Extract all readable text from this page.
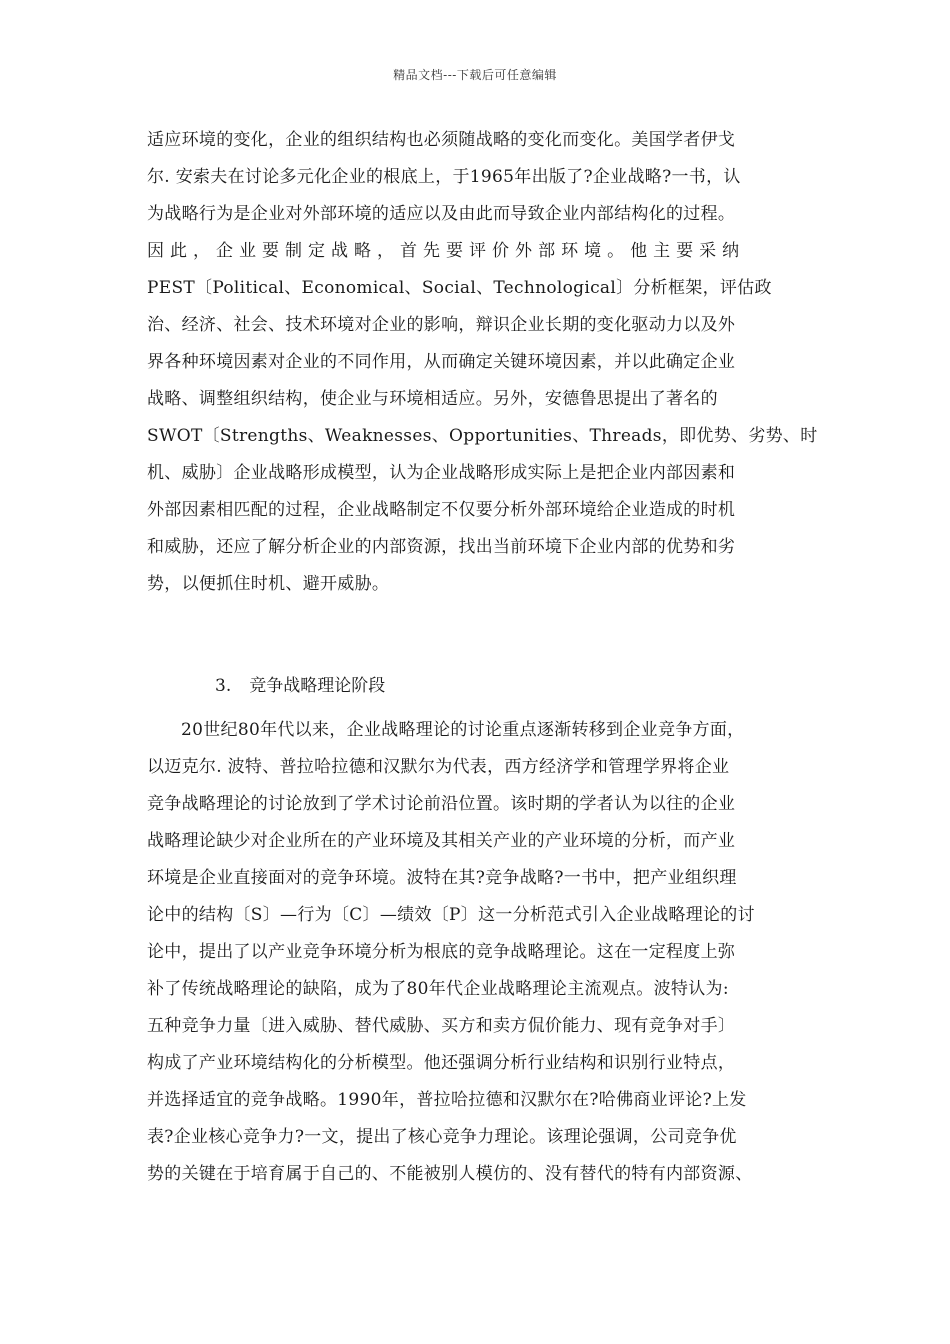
精品文档---下载后可任意编辑
适应环境的变化，企业的组织结构也必须随战略的变化而变化。美国学者伊戈
尔. 安索夫在讨论多元化企业的根底上，于1965年出版了?企业战略?一书，认
为战略行为是企业对外部环境的适应以及由此而导致企业内部结构化的过程。
因 此 ， 企 业 要 制 定 战 略 ， 首 先 要 评 价 外 部 环 境 。 他 主 要 采 纳
PEST〔Political、Economical、Social、Technological〕分析框架，评估政
治、经济、社会、技术环境对企业的影响，辩识企业长期的变化驱动力以及外
界各种环境因素对企业的不同作用，从而确定关键环境因素，并以此确定企业
战略、调整组织结构，使企业与环境相适应。另外，安德鲁思提出了著名的
SWOT〔Strengths、Weaknesses、Opportunities、Threads，即优势、劣势、时
机、威胁〕企业战略形成模型，认为企业战略形成实际上是把企业内部因素和
外部因素相匹配的过程，企业战略制定不仅要分析外部环境给企业造成的时机
和威胁，还应了解分析企业的内部资源，找出当前环境下企业内部的优势和劣
势，以便抓住时机、避开威胁。
3. 竞争战略理论阶段
20世纪80年代以来，企业战略理论的讨论重点逐渐转移到企业竞争方面，
以迈克尔. 波特、普拉哈拉德和汉默尔为代表，西方经济学和管理学界将企业
竞争战略理论的讨论放到了学术讨论前沿位置。该时期的学者认为以往的企业
战略理论缺少对企业所在的产业环境及其相关产业的产业环境的分析，而产业
环境是企业直接面对的竞争环境。波特在其?竞争战略?一书中，把产业组织理
论中的结构〔S〕—行为〔C〕—绩效〔P〕这一分析范式引入企业战略理论的讨
论中，提出了以产业竞争环境分析为根底的竞争战略理论。这在一定程度上弥
补了传统战略理论的缺陷，成为了80年代企业战略理论主流观点。波特认为:
五种竞争力量〔进入威胁、替代威胁、买方和卖方侃价能力、现有竞争对手〕
构成了产业环境结构化的分析模型。他还强调分析行业结构和识别行业特点，
并选择适宜的竞争战略。1990年，普拉哈拉德和汉默尔在?哈佛商业评论?上发
表?企业核心竞争力?一文，提出了核心竞争力理论。该理论强调，公司竞争优
势的关键在于培育属于自己的、不能被别人模仿的、没有替代的特有内部资源、
